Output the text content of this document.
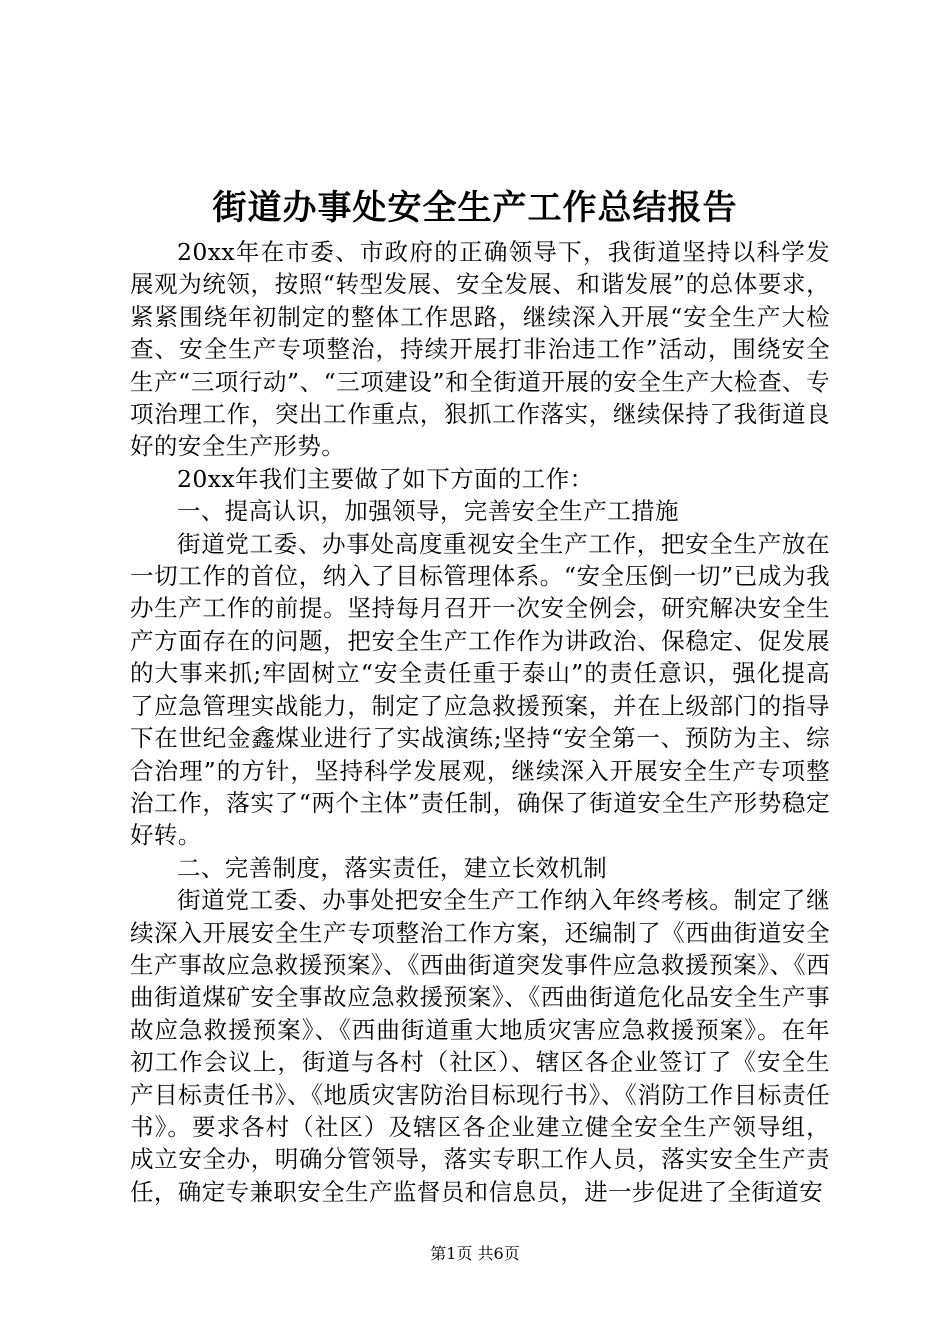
街道办事处安全生产工作总结报告

20xx年在市委、市政府的正确领导下，我街道坚持以科学发展观为统领，按照“转型发展、安全发展、和谐发展”的总体要求，紧紧围绕年初制定的整体工作思路，继续深入开展“安全生产大检查、安全生产专项整治，持续开展打非治违工作”活动，围绕安全生产“三项行动”、“三项建设”和全街道开展的安全生产大检查、专项治理工作，突出工作重点，狠抓工作落实，继续保持了我街道良好的安全生产形势。

20xx年我们主要做了如下方面的工作：

一、提高认识，加强领导，完善安全生产工措施

街道党工委、办事处高度重视安全生产工作，把安全生产放在一切工作的首位，纳入了目标管理体系。“安全压倒一切”已成为我办生产工作的前提。坚持每月召开一次安全例会，研究解决安全生产方面存在的问题，把安全生产工作作为讲政治、保稳定、促发展的大事来抓;牢固树立“安全责任重于泰山”的责任意识，强化提高了应急管理实战能力，制定了应急救援预案，并在上级部门的指导下在世纪金鑫煤业进行了实战演练;坚持“安全第一、预防为主、综合治理”的方针，坚持科学发展观，继续深入开展安全生产专项整治工作，落实了“两个主体”责任制，确保了街道安全生产形势稳定好转。

二、完善制度，落实责任，建立长效机制

街道党工委、办事处把安全生产工作纳入年终考核。制定了继续深入开展安全生产专项整治工作方案，还编制了《西曲街道安全生产事故应急救援预案》、《西曲街道突发事件应急救援预案》、《西曲街道煤矿安全事故应急救援预案》、《西曲街道危化品安全生产事故应急救援预案》、《西曲街道重大地质灾害应急救援预案》。在年初工作会议上，街道与各村（社区）、辖区各企业签订了《安全生产目标责任书》、《地质灾害防治目标现行书》、《消防工作目标责任书》。要求各村（社区）及辖区各企业建立健全安全生产领导组，成立安全办，明确分管领导，落实专职工作人员，落实安全生产责任，确定专兼职安全生产监督员和信息员，进一步促进了全街道安

第1页 共6页
